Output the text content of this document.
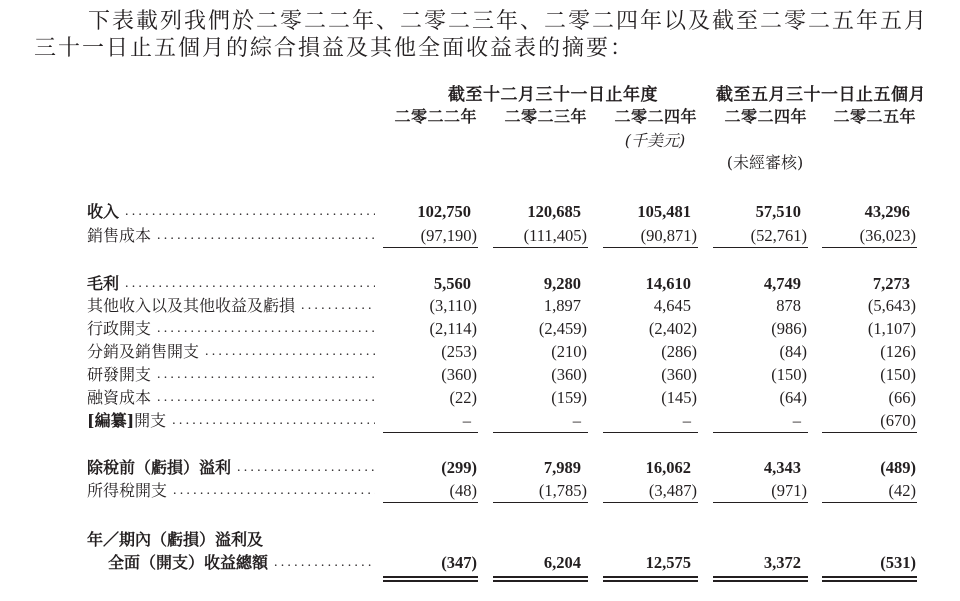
下表載列我們於二零二二年、二零二三年、二零二四年以及截至二零二五年五月
三十一日止五個月的綜合損益及其他全面收益表的摘要：
截至十二月三十一日止年度	截至五月三十一日止五個月
二零二二年	二零二三年	二零二四年	二零二四年	二零二五年
(千美元)
(未經審核)
收入 .....	102,750	120,685	105,481	57,510	43,296
銷售成本 .....	(97,190)	(111,405)	(90,871)	(52,761)	(36,023)
毛利 .....	5,560	9,280	14,610	4,749	7,273
其他收入以及其他收益及虧損 .....	(3,110)	1,897	4,645	878	(5,643)
行政開支 .....	(2,114)	(2,459)	(2,402)	(986)	(1,107)
分銷及銷售開支 .....	(253)	(210)	(286)	(84)	(126)
研發開支 .....	(360)	(360)	(360)	(150)	(150)
融資成本 .....	(22)	(159)	(145)	(64)	(66)
[編纂] 開支 .....	–	–	–	–	(670)
除稅前（虧損）溢利 .....	(299)	7,989	16,062	4,343	(489)
所得稅開支 .....	(48)	(1,785)	(3,487)	(971)	(42)
年／期內（虧損）溢利及
全面（開支）收益總額 .....	(347)	6,204	12,575	3,372	(531)
